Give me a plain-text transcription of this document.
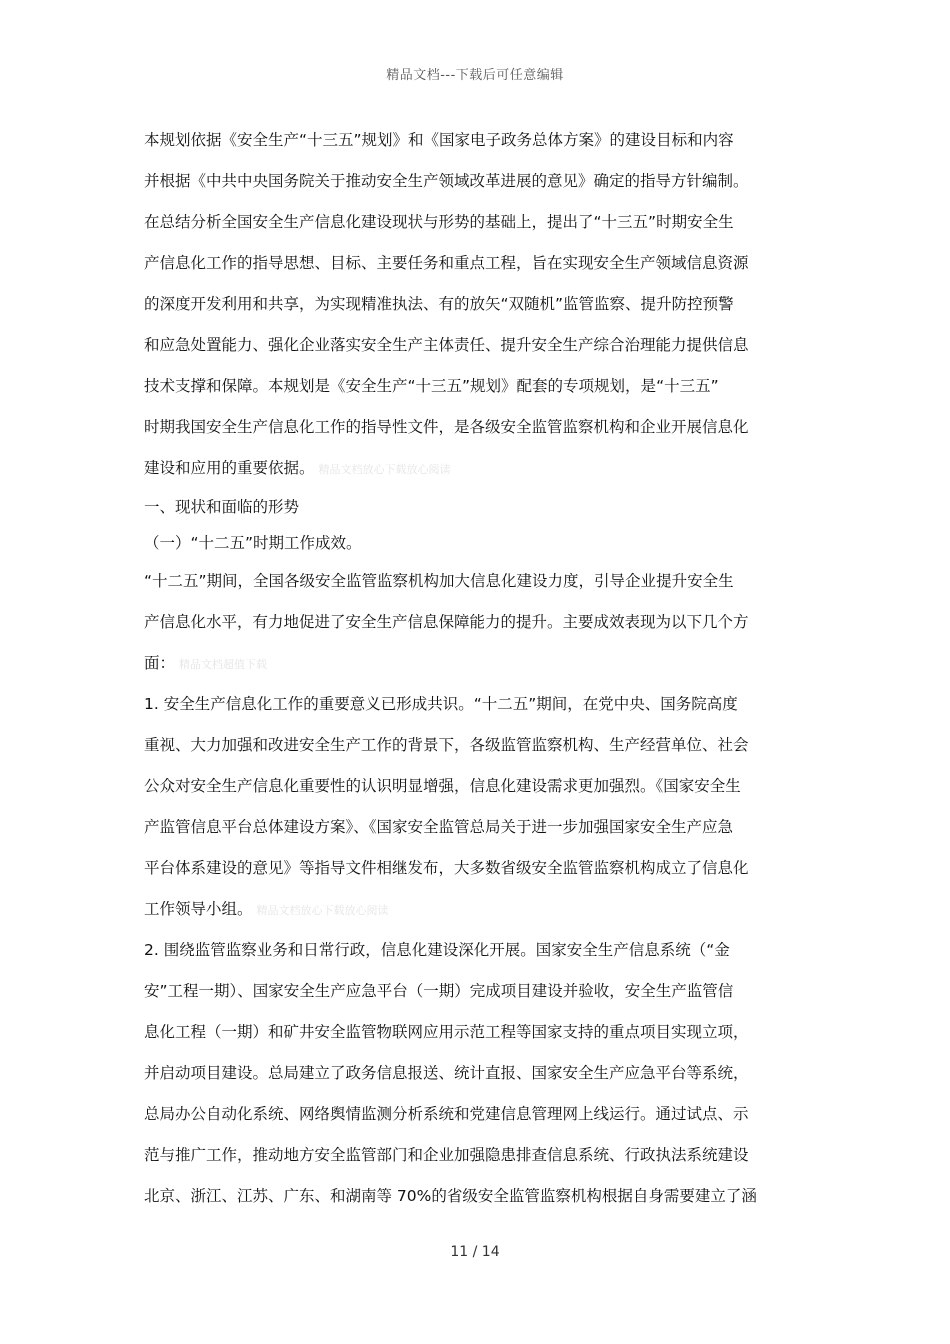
精品文档---下载后可任意编辑
本规划依据《安全生产“十三五”规划》和《国家电子政务总体方案》的建设目标和内容
并根据《中共中央国务院关于推动安全生产领域改革进展的意见》确定的指导方针编制。
在总结分析全国安全生产信息化建设现状与形势的基础上，提出了“十三五”时期安全生
产信息化工作的指导思想、目标、主要任务和重点工程，旨在实现安全生产领域信息资源
的深度开发利用和共享，为实现精准执法、有的放矢“双随机”监管监察、提升防控预警
和应急处置能力、强化企业落实安全生产主体责任、提升安全生产综合治理能力提供信息
技术支撑和保障。本规划是《安全生产“十三五”规划》配套的专项规划，是“十三五”
时期我国安全生产信息化工作的指导性文件，是各级安全监管监察机构和企业开展信息化
建设和应用的重要依据。 精品文档放心下载放心阅读
一、现状和面临的形势
（一）“十二五”时期工作成效。
“十二五”期间，全国各级安全监管监察机构加大信息化建设力度，引导企业提升安全生
产信息化水平，有力地促进了安全生产信息保障能力的提升。主要成效表现为以下几个方
面： 精品文档超值下载
1. 安全生产信息化工作的重要意义已形成共识。“十二五”期间，在党中央、国务院高度
重视、大力加强和改进安全生产工作的背景下，各级监管监察机构、生产经营单位、社会
公众对安全生产信息化重要性的认识明显增强，信息化建设需求更加强烈。《国家安全生
产监管信息平台总体建设方案》、《国家安全监管总局关于进一步加强国家安全生产应急
平台体系建设的意见》等指导文件相继发布，大多数省级安全监管监察机构成立了信息化
工作领导小组。 精品文档放心下载放心阅读
2. 围绕监管监察业务和日常行政，信息化建设深化开展。国家安全生产信息系统（“金
安”工程一期）、国家安全生产应急平台（一期）完成项目建设并验收，安全生产监管信
息化工程（一期）和矿井安全监管物联网应用示范工程等国家支持的重点项目实现立项，
并启动项目建设。总局建立了政务信息报送、统计直报、国家安全生产应急平台等系统，
总局办公自动化系统、网络舆情监测分析系统和党建信息管理网上线运行。通过试点、示
范与推广工作，推动地方安全监管部门和企业加强隐患排查信息系统、行政执法系统建设
北京、浙江、江苏、广东、和湖南等 70%的省级安全监管监察机构根据自身需要建立了涵
11 / 14
